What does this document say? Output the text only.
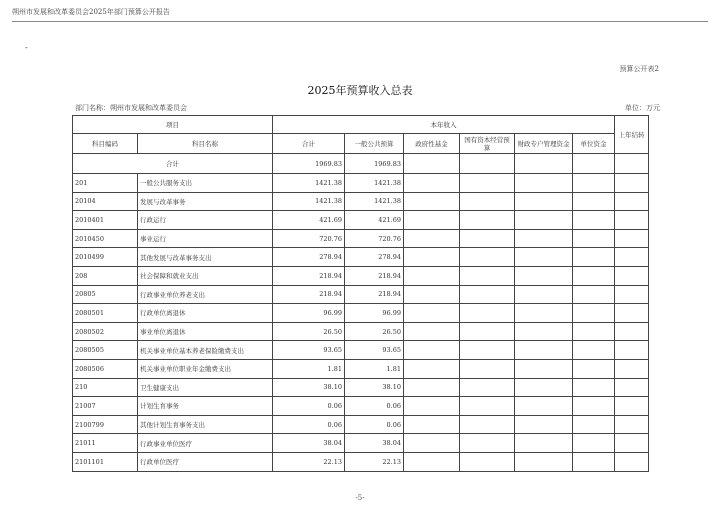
朔州市发展和改革委员会2025年部门预算公开报告
-
预算公开表2
2025年预算收入总表
部门名称：朔州市发展和改革委员会	单位：万元
项目		本年收入						上年结转
科目编码	科目名称	合计	一般公共预算	政府性基金	国有资本经营预算	财政专户管理资金	单位资金	
合计		1969.83	1969.83					
201	一般公共服务支出	1421.38	1421.38					
20104	发展与改革事务	1421.38	1421.38					
2010401	行政运行	421.69	421.69					
2010450	事业运行	720.76	720.76					
2010499	其他发展与改革事务支出	278.94	278.94					
208	社会保障和就业支出	218.94	218.94					
20805	行政事业单位养老支出	218.94	218.94					
2080501	行政单位离退休	96.99	96.99					
2080502	事业单位离退休	26.50	26.50					
2080505	机关事业单位基本养老保险缴费支出	93.65	93.65					
2080506	机关事业单位职业年金缴费支出	1.81	1.81					
210	卫生健康支出	38.10	38.10					
21007	计划生育事务	0.06	0.06					
2100799	其他计划生育事务支出	0.06	0.06					
21011	行政事业单位医疗	38.04	38.04					
2101101	行政单位医疗	22.13	22.13					
-5-
